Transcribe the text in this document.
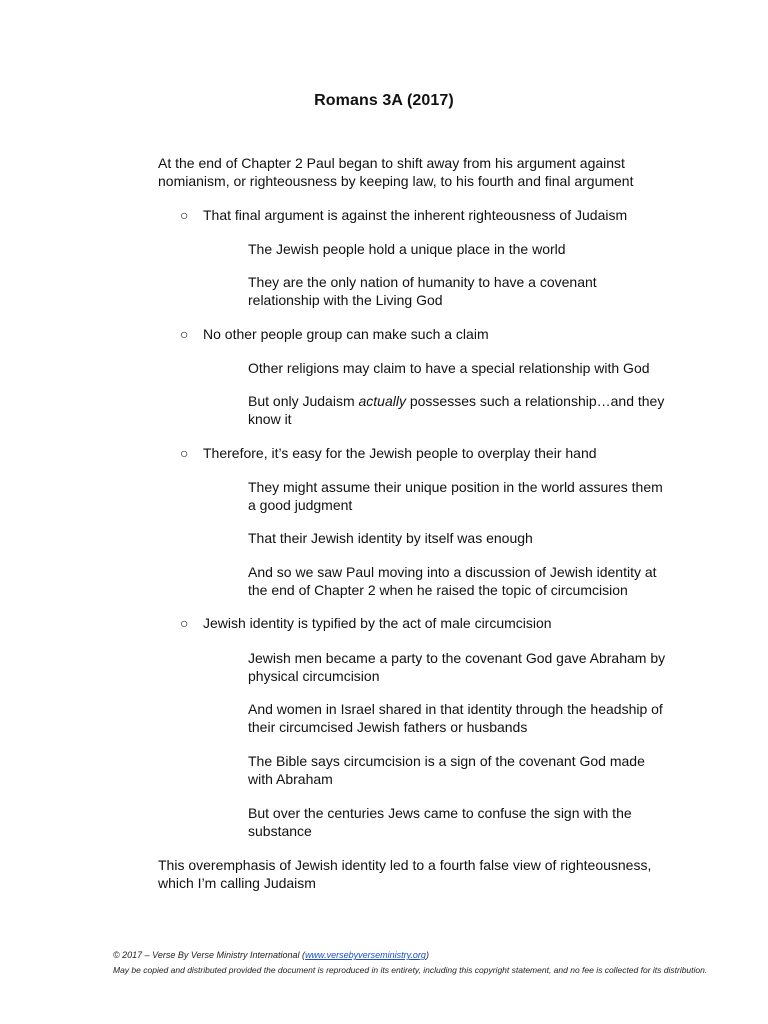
Romans 3A (2017)
At the end of Chapter 2 Paul began to shift away from his argument against nomianism, or righteousness by keeping law, to his fourth and final argument
○ That final argument is against the inherent righteousness of Judaism
The Jewish people hold a unique place in the world
They are the only nation of humanity to have a covenant relationship with the Living God
○ No other people group can make such a claim
Other religions may claim to have a special relationship with God
But only Judaism actually possesses such a relationship…and they know it
○ Therefore, it’s easy for the Jewish people to overplay their hand
They might assume their unique position in the world assures them a good judgment
That their Jewish identity by itself was enough
And so we saw Paul moving into a discussion of Jewish identity at the end of Chapter 2 when he raised the topic of circumcision
○ Jewish identity is typified by the act of male circumcision
Jewish men became a party to the covenant God gave Abraham by physical circumcision
And women in Israel shared in that identity through the headship of their circumcised Jewish fathers or husbands
The Bible says circumcision is a sign of the covenant God made with Abraham
But over the centuries Jews came to confuse the sign with the substance
This overemphasis of Jewish identity led to a fourth false view of righteousness, which I’m calling Judaism
© 2017 – Verse By Verse Ministry International (www.versebyverseministry.org)
May be copied and distributed provided the document is reproduced in its entirety, including this copyright statement, and no fee is collected for its distribution.
